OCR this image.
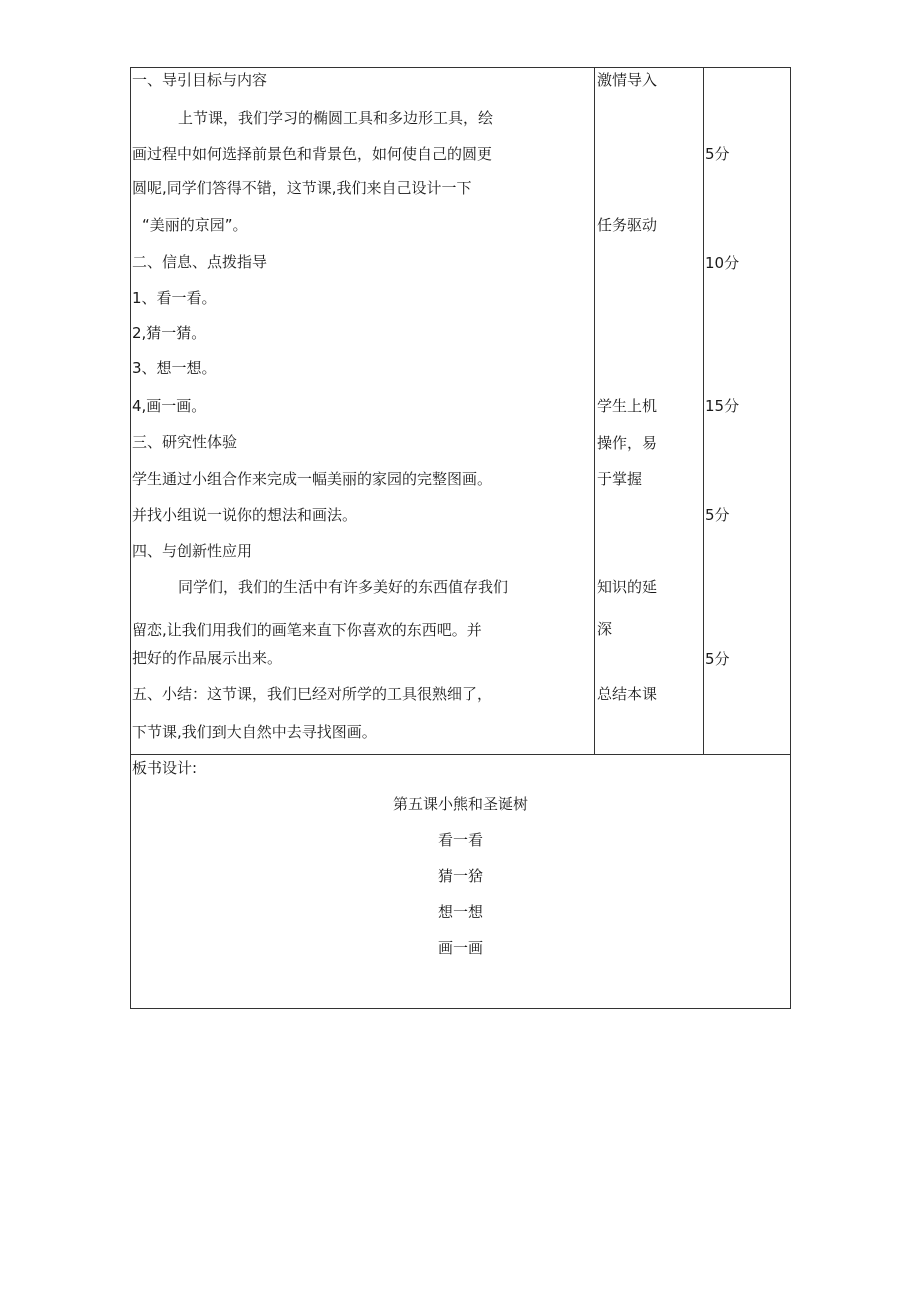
一、导引目标与内容
上节课，我们学习的椭圆工具和多边形工具，绘
画过程中如何选择前景色和背景色，如何使自己的圆更
圆呢,同学们答得不错，这节课,我们来自己设计一下
“美丽的京园”。
二、信息、点拨指导
1、看一看。
2,猜一猜。
3、想一想。
4,画一画。
三、研究性体验
学生通过小组合作来完成一幅美丽的家园的完整图画。
并找小组说一说你的想法和画法。
四、与创新性应用
同学们，我们的生活中有许多美好的东西值存我们
留恋,让我们用我们的画笔来直下你喜欢的东西吧。并
把好的作品展示出来。
五、小结：这节课，我们巳经对所学的工具很熟细了，
下节课,我们到大自然中去寻找图画。
激情导入
任务驱动
学生上机
操作，易
于掌握
知识的延
深
总结本课
5分
10分
15分
5分
5分
板书设计:
第五课小熊和圣诞树
看一看
猜一猞
想一想
画一画
